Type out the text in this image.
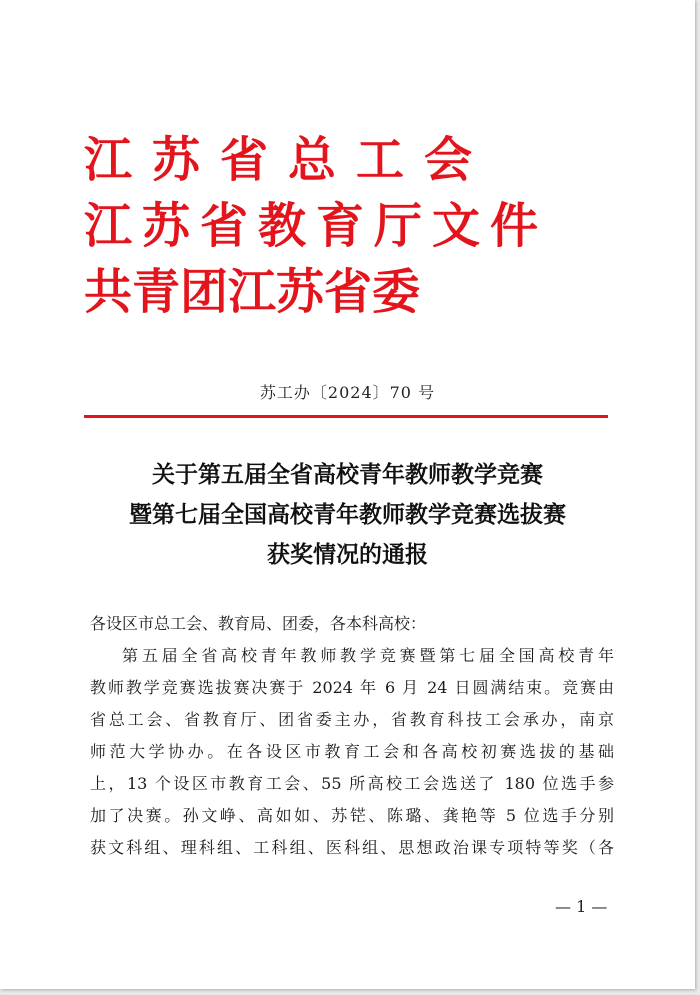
江苏省总工会
江苏省教育厅文件
共青团江苏省委
苏工办〔2024〕70 号
关于第五届全省高校青年教师教学竞赛
暨第七届全国高校青年教师教学竞赛选拔赛
获奖情况的通报
各设区市总工会、教育局、团委，各本科高校：
第五届全省高校青年教师教学竞赛暨第七届全国高校青年
教师教学竞赛选拔赛决赛于 2024 年 6 月 24 日圆满结束。竞赛由
省总工会、省教育厅、团省委主办，省教育科技工会承办，南京
师范大学协办。在各设区市教育工会和各高校初赛选拔的基础
上，13 个设区市教育工会、55 所高校工会选送了 180 位选手参
加了决赛。孙文峥、高如如、苏铓、陈璐、龚艳等 5 位选手分别
获文科组、理科组、工科组、医科组、思想政治课专项特等奖（各
— 1 —
